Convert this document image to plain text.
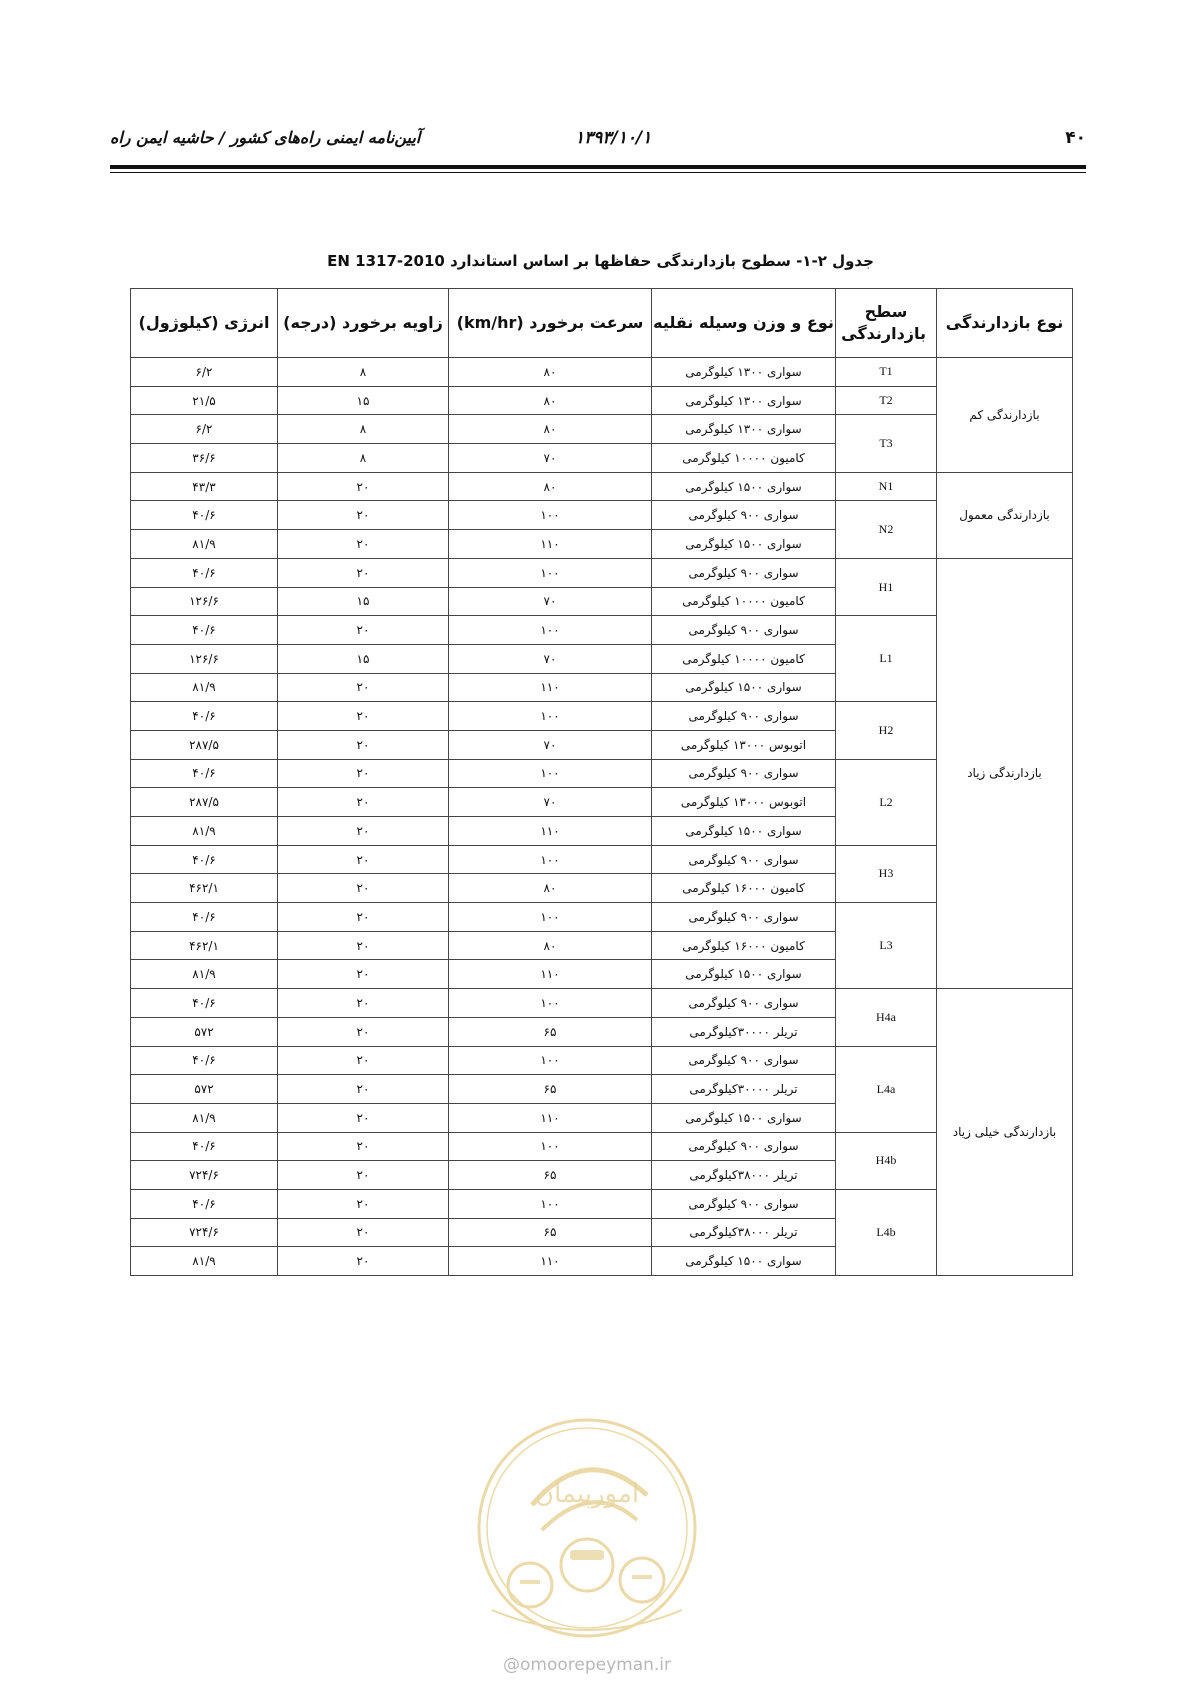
۴۰
۱۳۹۳/۱۰/۱
آیین‌نامه ایمنی راه‌های کشور / حاشیه ایمن راه
جدول ۲-۱- سطوح بازدارندگی حفاظها بر اساس استاندارد EN 1317-2010
نوع بازدارندگی	سطح بازدارندگی	نوع و وزن وسیله نقلیه	سرعت برخورد (km/hr)	زاویه برخورد (درجه)	انرژی (کیلوژول)
بازدارندگی کم	T1	سواری ۱۳۰۰ کیلوگرمی	۸۰	۸	۶/۲
	T2	سواری ۱۳۰۰ کیلوگرمی	۸۰	۱۵	۲۱/۵
	T3	سواری ۱۳۰۰ کیلوگرمی	۸۰	۸	۶/۲
		کامیون ۱۰۰۰۰ کیلوگرمی	۷۰	۸	۳۶/۶
بازدارندگی معمول	N1	سواری ۱۵۰۰ کیلوگرمی	۸۰	۲۰	۴۳/۳
	N2	سواری ۹۰۰ کیلوگرمی	۱۰۰	۲۰	۴۰/۶
		سواری ۱۵۰۰ کیلوگرمی	۱۱۰	۲۰	۸۱/۹
بازدارندگی زیاد	H1	سواری ۹۰۰ کیلوگرمی	۱۰۰	۲۰	۴۰/۶
		کامیون ۱۰۰۰۰ کیلوگرمی	۷۰	۱۵	۱۲۶/۶
	L1	سواری ۹۰۰ کیلوگرمی	۱۰۰	۲۰	۴۰/۶
		کامیون ۱۰۰۰۰ کیلوگرمی	۷۰	۱۵	۱۲۶/۶
		سواری ۱۵۰۰ کیلوگرمی	۱۱۰	۲۰	۸۱/۹
	H2	سواری ۹۰۰ کیلوگرمی	۱۰۰	۲۰	۴۰/۶
		اتوبوس ۱۳۰۰۰ کیلوگرمی	۷۰	۲۰	۲۸۷/۵
	L2	سواری ۹۰۰ کیلوگرمی	۱۰۰	۲۰	۴۰/۶
		اتوبوس ۱۳۰۰۰ کیلوگرمی	۷۰	۲۰	۲۸۷/۵
		سواری ۱۵۰۰ کیلوگرمی	۱۱۰	۲۰	۸۱/۹
	H3	سواری ۹۰۰ کیلوگرمی	۱۰۰	۲۰	۴۰/۶
		کامیون ۱۶۰۰۰ کیلوگرمی	۸۰	۲۰	۴۶۲/۱
	L3	سواری ۹۰۰ کیلوگرمی	۱۰۰	۲۰	۴۰/۶
		کامیون ۱۶۰۰۰ کیلوگرمی	۸۰	۲۰	۴۶۲/۱
		سواری ۱۵۰۰ کیلوگرمی	۱۱۰	۲۰	۸۱/۹
بازدارندگی خیلی زیاد	H4a	سواری ۹۰۰ کیلوگرمی	۱۰۰	۲۰	۴۰/۶
		تریلر ۳۰۰۰۰کیلوگرمی	۶۵	۲۰	۵۷۲
	L4a	سواری ۹۰۰ کیلوگرمی	۱۰۰	۲۰	۴۰/۶
		تریلر ۳۰۰۰۰کیلوگرمی	۶۵	۲۰	۵۷۲
		سواری ۱۵۰۰ کیلوگرمی	۱۱۰	۲۰	۸۱/۹
	H4b	سواری ۹۰۰ کیلوگرمی	۱۰۰	۲۰	۴۰/۶
		تریلر ۳۸۰۰۰کیلوگرمی	۶۵	۲۰	۷۲۴/۶
	L4b	سواری ۹۰۰ کیلوگرمی	۱۰۰	۲۰	۴۰/۶
		تریلر ۳۸۰۰۰کیلوگرمی	۶۵	۲۰	۷۲۴/۶
		سواری ۱۵۰۰ کیلوگرمی	۱۱۰	۲۰	۸۱/۹
امورپیمان
@omoorepeyman.ir
